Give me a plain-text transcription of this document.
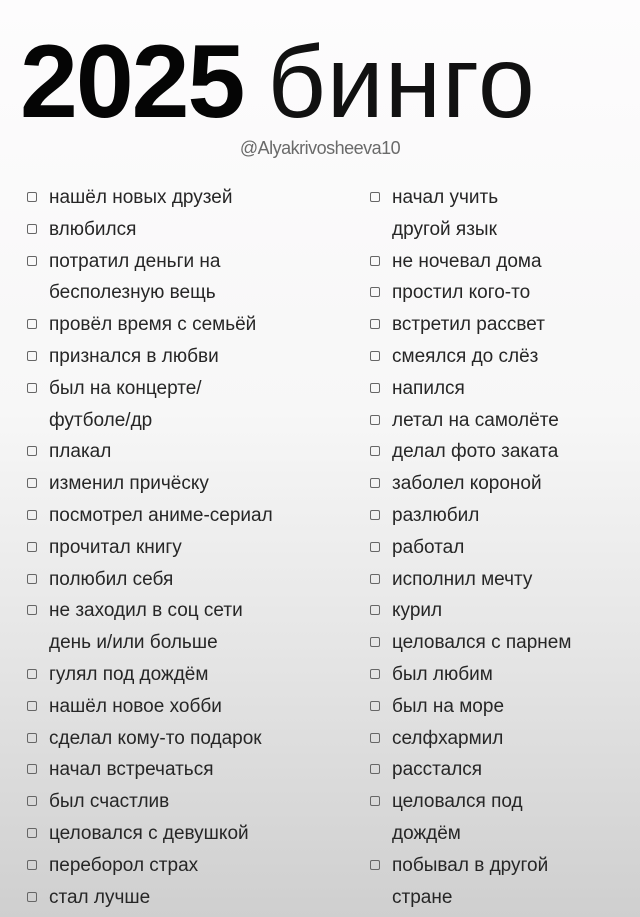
2025 бинго
@Alyakrivosheeva10
нашёл новых друзей
влюбился
потратил деньги на
бесполезную вещь
провёл время с семьёй
признался в любви
был на концерте/
футболе/др
плакал
изменил причёску
посмотрел аниме-сериал
прочитал книгу
полюбил себя
не заходил в соц сети
день и/или больше
гулял под дождём
нашёл новое хобби
сделал кому-то подарок
начал встречаться
был счастлив
целовался с девушкой
переборол страх
стал лучше
начал учить
другой язык
не ночевал дома
простил кого-то
встретил рассвет
смеялся до слёз
напился
летал на самолёте
делал фото заката
заболел короной
разлюбил
работал
исполнил мечту
курил
целовался с парнем
был любим
был на море
селфхармил
расстался
целовался под
дождём
побывал в другой
стране
